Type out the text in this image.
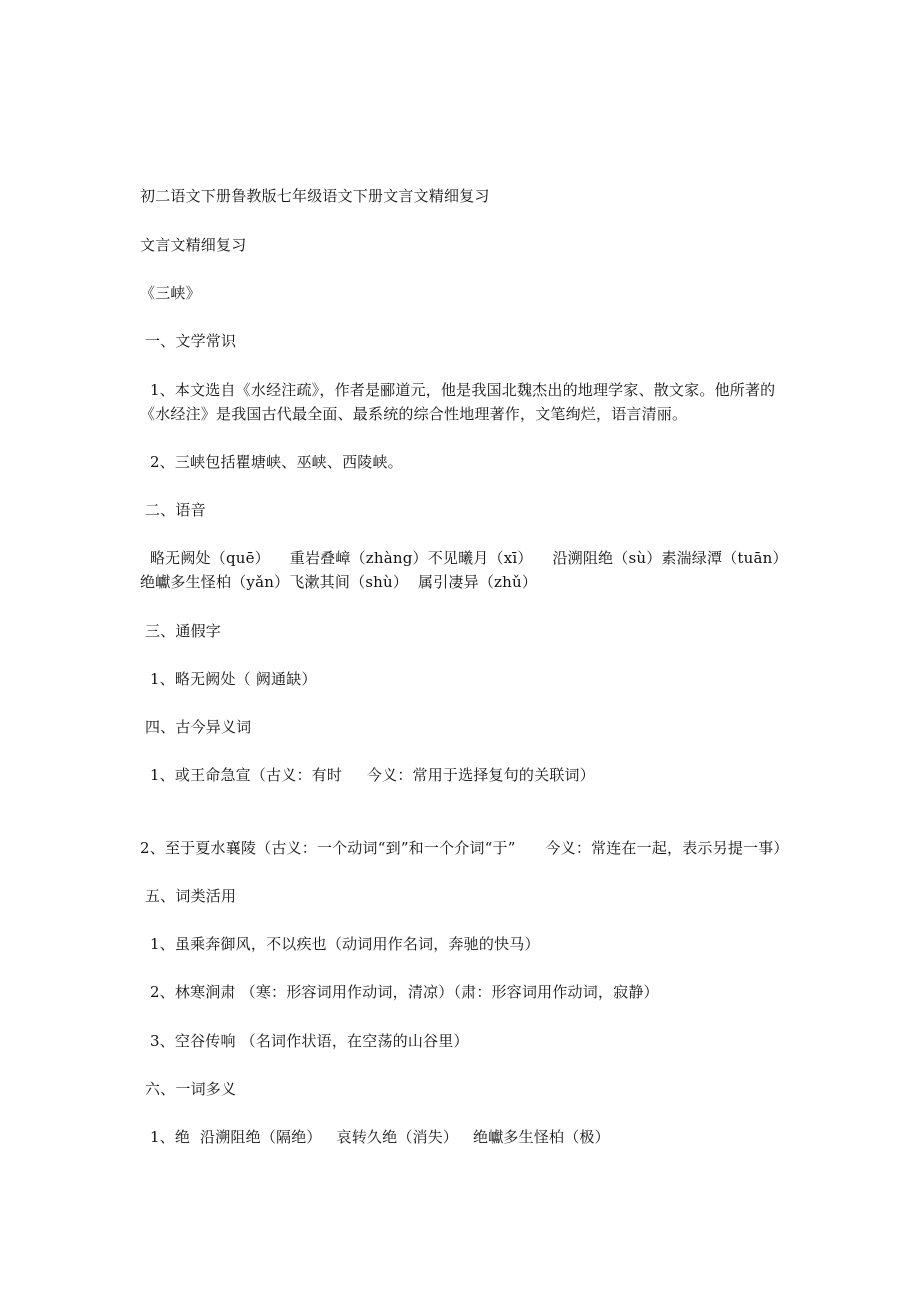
初二语文下册鲁教版七年级语文下册文言文精细复习
文言文精细复习
《三峡》
一、文学常识
1、本文选自《水经注疏》，作者是郦道元，他是我国北魏杰出的地理学家、散文家。他所著的《水经注》是我国古代最全面、最系统的综合性地理著作，文笔绚烂，语言清丽。
2、三峡包括瞿塘峡、巫峡、西陵峡。
二、语音
略无阙处（quē）    重岩叠嶂（zhàng）不见曦月（xī）    沿溯阻绝（sù）素湍绿潭（tuān）    绝巘多生怪柏（yǎn）飞漱其间（shù）  属引凄异（zhǔ）
三、通假字
1、略无阙处（ 阙通缺）
四、古今异义词
1、或王命急宣（古义：有时     今义：常用于选择复句的关联词）
2、至于夏水襄陵（古义：一个动词“到”和一个介词“于”      今义：常连在一起，表示另提一事）
五、词类活用
1、虽乘奔御风，不以疾也（动词用作名词，奔驰的快马）
2、林寒涧肃 （寒：形容词用作动词，清凉）（肃：形容词用作动词，寂静）
3、空谷传响 （名词作状语，在空荡的山谷里）
六、一词多义
1、绝  沿溯阻绝（隔绝）   哀转久绝（消失）   绝巘多生怪柏（极）
